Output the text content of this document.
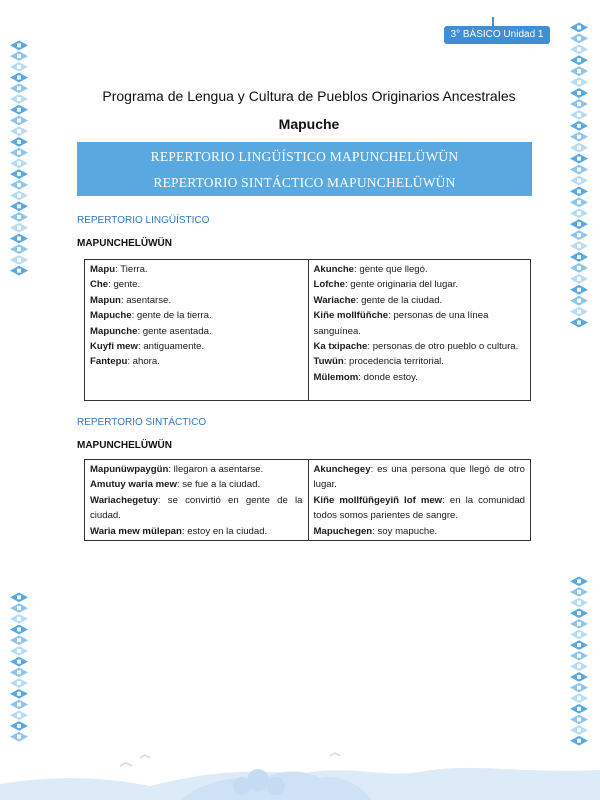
3° BÁSICO Unidad 1
Programa de Lengua y Cultura de Pueblos Originarios Ancestrales
Mapuche
REPERTORIO LINGÜÍSTICO MAPUNCHELÜWÜN
REPERTORIO SINTÁCTICO MAPUNCHELÜWÜN
REPERTORIO LINGÜÍSTICO
MAPUNCHELÜWÜN
Mapu: Tierra.
Che: gente.
Mapun: asentarse.
Mapuche: gente de la tierra.
Mapunche: gente asentada.
Kuyfi mew: antiguamente.
Fantepu: ahora.
Akunche: gente que llegó.
Lofche: gente originaria del lugar.
Wariache: gente de la ciudad.
Kiñe mollfüñche: personas de una línea sanguínea.
Ka txipache: personas de otro pueblo o cultura.
Tuwün: procedencia territorial.
Mülemom: donde estoy.
REPERTORIO SINTÁCTICO
MAPUNCHELÜWÜN
Mapunüwpaygün: llegaron a asentarse.
Amutuy waria mew: se fue a la ciudad.
Wariachegetuy: se convirtió en gente de la ciudad.
Waria mew mülepan: estoy en la ciudad.
Akunchegey: es una persona que llegó de otro lugar.
Kiñe mollfüñgeyiñ lof mew: en la comunidad todos somos parientes de sangre.
Mapuchegen: soy mapuche.
